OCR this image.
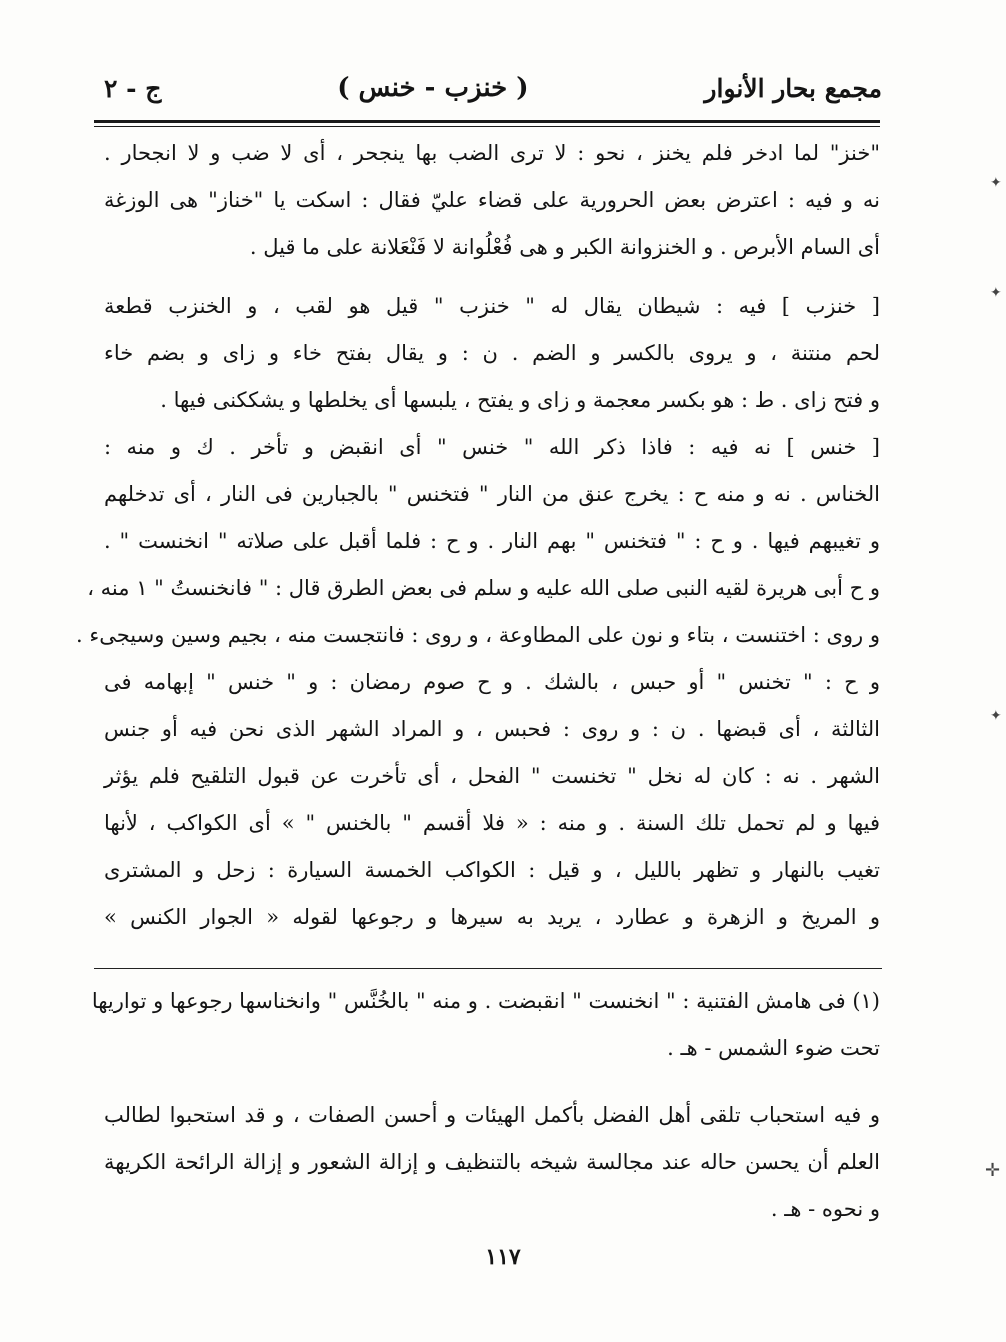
مجمع بحار الأنوار
( خنزب - خنس )
ج - ٢
"خنز" لما ادخر فلم يخنز ، نحو : لا ترى الضب بها ينجحر ، أى لا ضب و لا انجحار .
نه و فيه : اعترض بعض الحرورية على قضاء عليّ فقال : اسكت يا "خناز" هى الوزغة
أى السام الأبرص . و الخنزوانة الكبر و هى فُعْلُوانة لا فَنْعَلانة على ما قيل .
[ خنزب ] فيه : شيطان يقال له " خنزب " قيل هو لقب ، و الخنزب قطعة
لحم منتنة ، و يروى بالكسر و الضم . ن : و يقال بفتح خاء و زاى و بضم خاء
و فتح زاى . ط : هو بكسر معجمة و زاى و يفتح ، يلبسها أى يخلطها و يشككنى فيها .
[ خنس ] نه فيه : فاذا ذكر الله " خنس " أى انقبض و تأخر . ك و منه :
الخناس . نه و منه ح : يخرج عنق من النار " فتخنس " بالجبارين فى النار ، أى تدخلهم
و تغيبهم فيها . و ح : " فتخنس " بهم النار . و ح : فلما أقبل على صلاته " انخنست " .
و ح أبى هريرة لقيه النبى صلى الله عليه و سلم فى بعض الطرق قال : " فانخنستُ " ١ منه ،
و روى : اختنست ، بتاء و نون على المطاوعة ، و روى : فانتجست منه ، بجيم وسين وسيجىء .
و ح : " تخنس " أو حبس ، بالشك . و ح صوم رمضان : و " خنس " إبهامه فى
الثالثة ، أى قبضها . ن : و روى : فحبس ، و المراد الشهر الذى نحن فيه أو جنس
الشهر . نه : كان له نخل " تخنست " الفحل ، أى تأخرت عن قبول التلقيح فلم يؤثر
فيها و لم تحمل تلك السنة . و منه : « فلا أقسم " بالخنس " » أى الكواكب ، لأنها
تغيب بالنهار و تظهر بالليل ، و قيل : الكواكب الخمسة السيارة : زحل و المشترى
و المريخ و الزهرة و عطارد ، يريد به سيرها و رجوعها لقوله « الجوار الكنس »
(١) فى هامش الفتنية : " انخنست " انقبضت . و منه " بالخُنَّس " وانخناسها رجوعها و تواريها
تحت ضوء الشمس - هـ .
و فيه استحباب تلقى أهل الفضل بأكمل الهيئات و أحسن الصفات ، و قد استحبوا لطالب
العلم أن يحسن حاله عند مجالسة شيخه بالتنظيف و إزالة الشعور و إزالة الرائحة الكريهة
و نحوه - هـ .
١١٧
✦
✦
✦
✛
